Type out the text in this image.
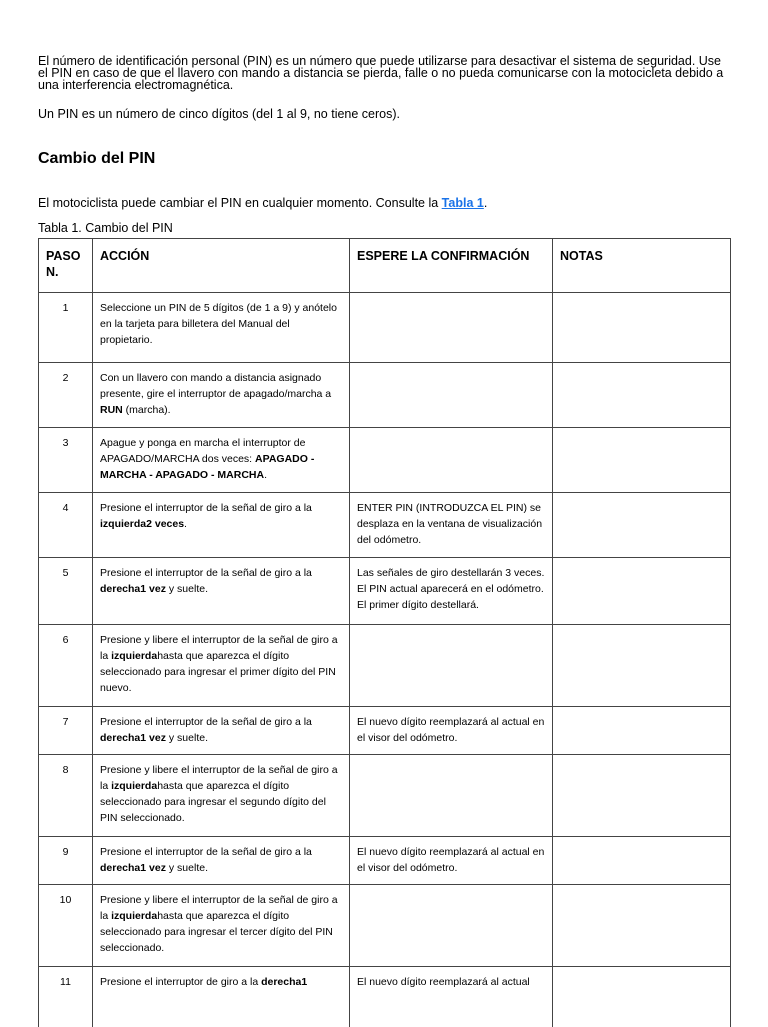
El número de identificación personal (PIN) es un número que puede utilizarse para desactivar el sistema de seguridad. Use el PIN en caso de que el llavero con mando a distancia se pierda, falle o no pueda comunicarse con la motocicleta debido a una interferencia electromagnética.

Un PIN es un número de cinco dígitos (del 1 al 9, no tiene ceros).

Cambio del PIN

El motociclista puede cambiar el PIN en cualquier momento. Consulte la Tabla 1.

Tabla 1. Cambio del PIN

PASO N.	ACCIÓN	ESPERE LA CONFIRMACIÓN	NOTAS
1	Seleccione un PIN de 5 dígitos (de 1 a 9) y anótelo en la tarjeta para billetera del Manual del propietario.		
2	Con un llavero con mando a distancia asignado presente, gire el interruptor de apagado/marcha a RUN (marcha).		
3	Apague y ponga en marcha el interruptor de APAGADO/MARCHA dos veces: APAGADO - MARCHA - APAGADO - MARCHA.		
4	Presione el interruptor de la señal de giro a la izquierda2 veces.	ENTER PIN (INTRODUZCA EL PIN) se desplaza en la ventana de visualización del odómetro.	
5	Presione el interruptor de la señal de giro a la derecha1 vez y suelte.	Las señales de giro destellarán 3 veces. El PIN actual aparecerá en el odómetro. El primer dígito destellará.	
6	Presione y libere el interruptor de la señal de giro a la izquierdahasta que aparezca el dígito seleccionado para ingresar el primer dígito del PIN nuevo.		
7	Presione el interruptor de la señal de giro a la derecha1 vez y suelte.	El nuevo dígito reemplazará al actual en el visor del odómetro.	
8	Presione y libere el interruptor de la señal de giro a la izquierdahasta que aparezca el dígito seleccionado para ingresar el segundo dígito del PIN seleccionado.		
9	Presione el interruptor de la señal de giro a la derecha1 vez y suelte.	El nuevo dígito reemplazará al actual en el visor del odómetro.	
10	Presione y libere el interruptor de la señal de giro a la izquierdahasta que aparezca el dígito seleccionado para ingresar el tercer dígito del PIN seleccionado.		
11	Presione el interruptor de giro a la derecha1	El nuevo dígito reemplazará al actual	
